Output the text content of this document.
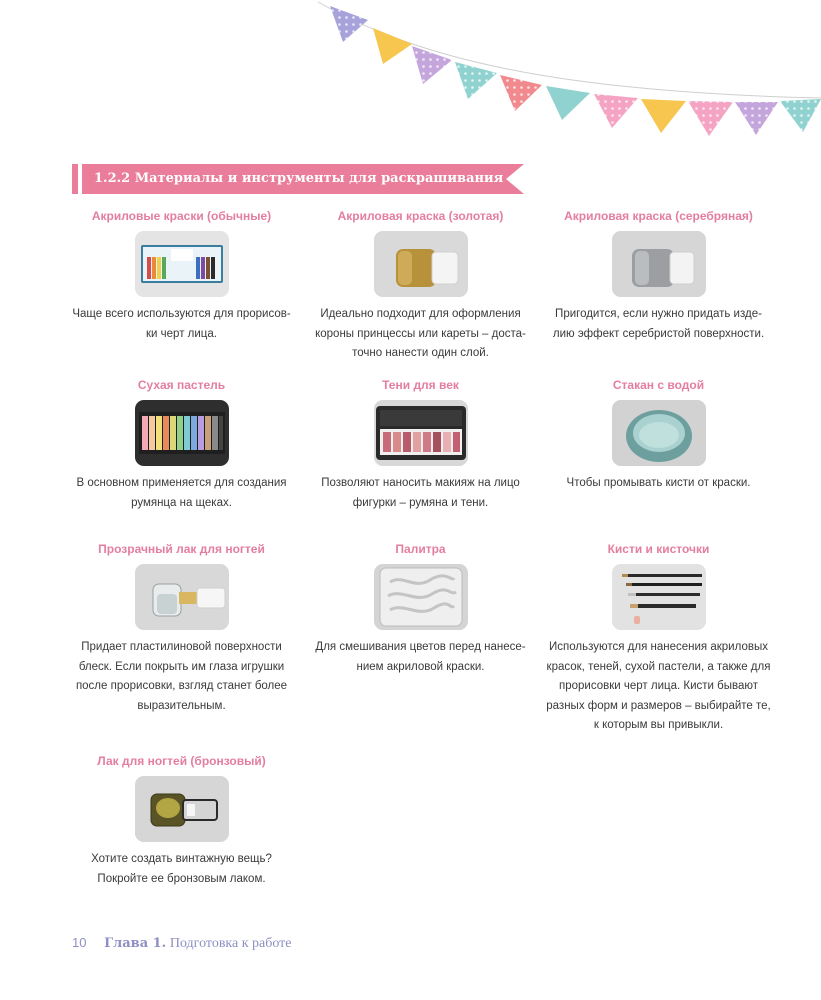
1.2.2 Материалы и инструменты для раскрашивания
Акриловые краски (обычные)
Чаще всего используются для прорисов-
ки черт лица.
Акриловая краска (золотая)
Идеально подходит для оформления
короны принцессы или кареты – доста-
точно нанести один слой.
Акриловая краска (серебряная)
Пригодится, если нужно придать изде-
лию эффект серебристой поверхности.
Сухая пастель
В основном применяется для создания
румянца на щеках.
Тени для век
Позволяют наносить макияж на лицо
фигурки – румяна и тени.
Стакан с водой
Чтобы промывать кисти от краски.
Прозрачный лак для ногтей
Придает пластилиновой поверхности
блеск. Если покрыть им глаза игрушки
после прорисовки, взгляд станет более
выразительным.
Палитра
Для смешивания цветов перед нанесе-
нием акриловой краски.
Кисти и кисточки
Используются для нанесения акриловых
красок, теней, сухой пастели, а также для
прорисовки черт лица. Кисти бывают
разных форм и размеров – выбирайте те,
к которым вы привыкли.
Лак для ногтей (бронзовый)
Хотите создать винтажную вещь?
Покройте ее бронзовым лаком.
10 Глава 1. Подготовка к работе
